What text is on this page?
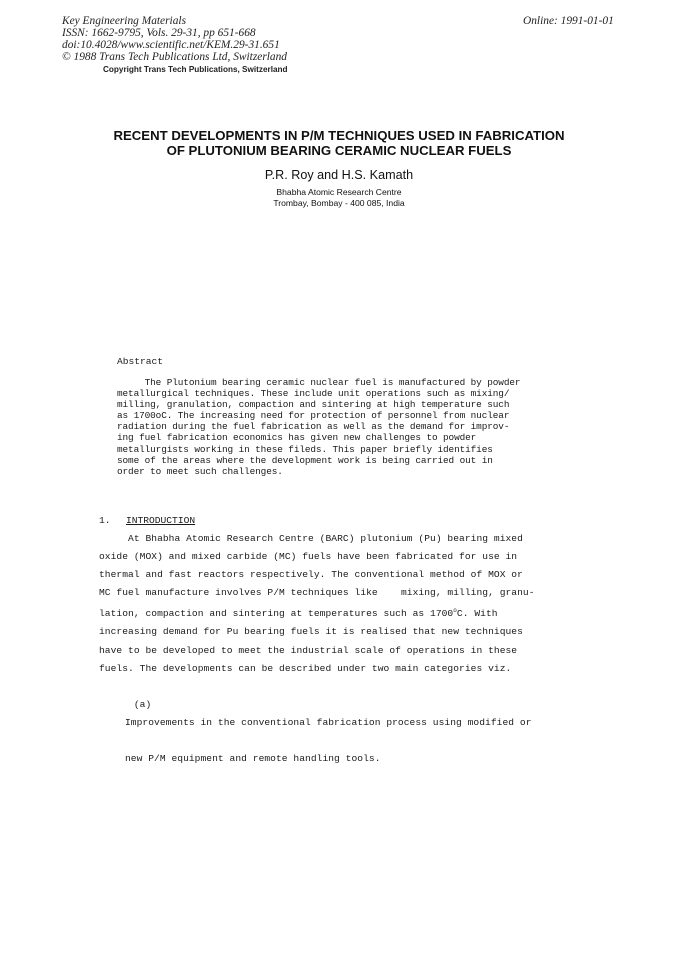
Key Engineering Materials
ISSN: 1662-9795, Vols. 29-31, pp 651-668
doi:10.4028/www.scientific.net/KEM.29-31.651
© 1988 Trans Tech Publications Ltd, Switzerland
Online: 1991-01-01
Copyright Trans Tech Publications, Switzerland
RECENT DEVELOPMENTS IN P/M TECHNIQUES USED IN FABRICATION
OF PLUTONIUM BEARING CERAMIC NUCLEAR FUELS
P.R. Roy and H.S. Kamath
Bhabha Atomic Research Centre
Trombay, Bombay - 400 085, India
Abstract
The Plutonium bearing ceramic nuclear fuel is manufactured by powder
metallurgical techniques. These include unit operations such as mixing/
milling, granulation, compaction and sintering at high temperature such
as 1700oC. The increasing need for protection of personnel from nuclear
radiation during the fuel fabrication as well as the demand for improv-
ing fuel fabrication economics has given new challenges to powder
metallurgists working in these fileds. This paper briefly identifies
some of the areas where the development work is being carried out in
order to meet such challenges.
1. INTRODUCTION
At Bhabha Atomic Research Centre (BARC) plutonium (Pu) bearing mixed
oxide (MOX) and mixed carbide (MC) fuels have been fabricated for use in
thermal and fast reactors respectively. The conventional method of MOX or
MC fuel manufacture involves P/M techniques like    mixing, milling, granu-
lation, compaction and sintering at temperatures such as 1700$^o$C. With
increasing demand for Pu bearing fuels it is realised that new techniques
have to be developed to meet the industrial scale of operations in these
fuels. The developments can be described under two main categories viz.

(a)

Improvements in the conventional fabrication process using modified or

new P/M equipment and remote handling tools.
